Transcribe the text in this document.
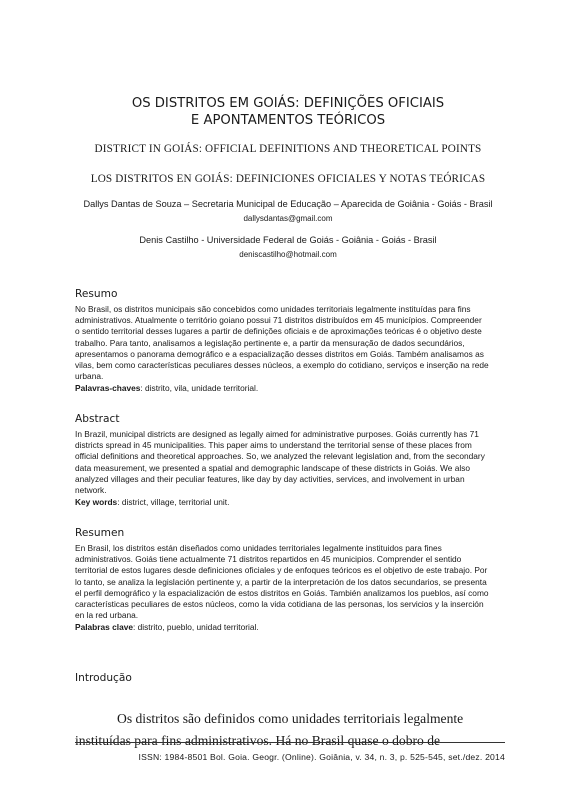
OS DISTRITOS EM GOIÁS: DEFINIÇÕES OFICIAIS
E APONTAMENTOS TEÓRICOS
DISTRICT IN GOIÁS: OFFICIAL DEFINITIONS AND THEORETICAL POINTS
LOS DISTRITOS EN GOIÁS: DEFINICIONES OFICIALES Y NOTAS TEÓRICAS
Dallys Dantas de Souza – Secretaria Municipal de Educação – Aparecida de Goiânia - Goiás - Brasil
dallysdantas@gmail.com
Denis Castilho - Universidade Federal de Goiás - Goiânia - Goiás - Brasil
deniscastilho@hotmail.com
Resumo
No Brasil, os distritos municipais são concebidos como unidades territoriais legalmente instituídas para fins
administrativos. Atualmente o território goiano possui 71 distritos distribuídos em 45 municípios. Compreender
o sentido territorial desses lugares a partir de definições oficiais e de aproximações teóricas é o objetivo deste
trabalho. Para tanto, analisamos a legislação pertinente e, a partir da mensuração de dados secundários,
apresentamos o panorama demográfico e a espacialização desses distritos em Goiás. Também analisamos as
vilas, bem como características peculiares desses núcleos, a exemplo do cotidiano, serviços e inserção na rede
urbana.
Palavras-chaves: distrito, vila, unidade territorial.
Abstract
In Brazil, municipal districts are designed as legally aimed for administrative purposes. Goiás currently has 71
districts spread in 45 municipalities. This paper aims to understand the territorial sense of these places from
official definitions and theoretical approaches. So, we analyzed the relevant legislation and, from the secondary
data measurement, we presented a spatial and demographic landscape of these districts in Goiás. We also
analyzed villages and their peculiar features, like day by day activities, services, and involvement in urban
network.
Key words: district, village, territorial unit.
Resumen
En Brasil, los distritos están diseñados como unidades territoriales legalmente instituidos para fines
administrativos. Goiás tiene actualmente 71 distritos repartidos en 45 municipios. Comprender el sentido
territorial de estos lugares desde definiciones oficiales y de enfoques teóricos es el objetivo de este trabajo. Por
lo tanto, se analiza la legislación pertinente y, a partir de la interpretación de los datos secundarios, se presenta
el perfil demográfico y la espacialización de estos distritos en Goiás. También analizamos los pueblos, así como
características peculiares de estos núcleos, como la vida cotidiana de las personas, los servicios y la inserción
en la red urbana.
Palabras clave: distrito, pueblo, unidad territorial.
Introdução
Os distritos são definidos como unidades territoriais legalmente
instituídas para fins administrativos. Há no Brasil quase o dobro de
ISSN: 1984-8501 Bol. Goia. Geogr. (Online). Goiânia, v. 34, n. 3, p. 525-545, set./dez. 2014
